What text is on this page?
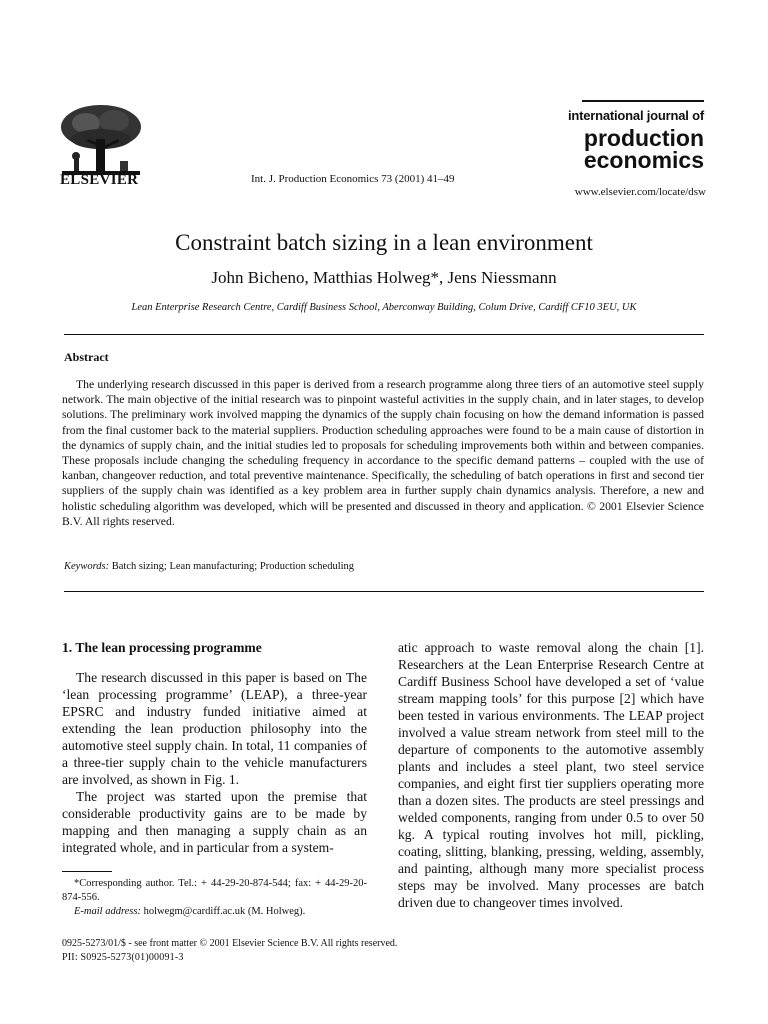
ELSEVIER	Int. J. Production Economics 73 (2001) 41–49
international journal of
production
economics
www.elsevier.com/locate/dsw
Constraint batch sizing in a lean environment
John Bicheno, Matthias Holweg*, Jens Niessmann
Lean Enterprise Research Centre, Cardiff Business School, Aberconway Building, Colum Drive, Cardiff CF10 3EU, UK
Abstract
The underlying research discussed in this paper is derived from a research programme along three tiers of an automotive steel supply network. The main objective of the initial research was to pinpoint wasteful activities in the supply chain, and in later stages, to develop solutions. The preliminary work involved mapping the dynamics of the supply chain focusing on how the demand information is passed from the final customer back to the material suppliers. Production scheduling approaches were found to be a main cause of distortion in the dynamics of supply chain, and the initial studies led to proposals for scheduling improvements both within and between companies. These proposals include changing the scheduling frequency in accordance to the specific demand patterns – coupled with the use of kanban, changeover reduction, and total preventive maintenance. Specifically, the scheduling of batch operations in first and second tier suppliers of the supply chain was identified as a key problem area in further supply chain dynamics analysis. Therefore, a new and holistic scheduling algorithm was developed, which will be presented and discussed in theory and application. © 2001 Elsevier Science B.V. All rights reserved.
Keywords: Batch sizing; Lean manufacturing; Production scheduling
1. The lean processing programme
The research discussed in this paper is based on The ‘lean processing programme’ (LEAP), a three-year EPSRC and industry funded initiative aimed at extending the lean production philosophy into the automotive steel supply chain. In total, 11 companies of a three-tier supply chain to the vehicle manufacturers are involved, as shown in Fig. 1.
The project was started upon the premise that considerable productivity gains are to be made by mapping and then managing a supply chain as an integrated whole, and in particular from a system-
atic approach to waste removal along the chain [1]. Researchers at the Lean Enterprise Research Centre at Cardiff Business School have developed a set of ‘value stream mapping tools’ for this purpose [2] which have been tested in various environments. The LEAP project involved a value stream network from steel mill to the departure of components to the automotive assembly plants and includes a steel plant, two steel service companies, and eight first tier suppliers operating more than a dozen sites. The products are steel pressings and welded components, ranging from under 0.5 to over 50 kg. A typical routing involves hot mill, pickling, coating, slitting, blanking, pressing, welding, assembly, and painting, although many more specialist process steps may be involved. Many processes are batch driven due to changeover times involved.

*Corresponding author. Tel.: + 44-29-20-874-544; fax: + 44-29-20-874-556.

E-mail address: holwegm@cardiff.ac.uk (M. Holweg).

0925-5273/01/$ - see front matter © 2001 Elsevier Science B.V. All rights reserved.
PII: S0925-5273(01)00091-3
